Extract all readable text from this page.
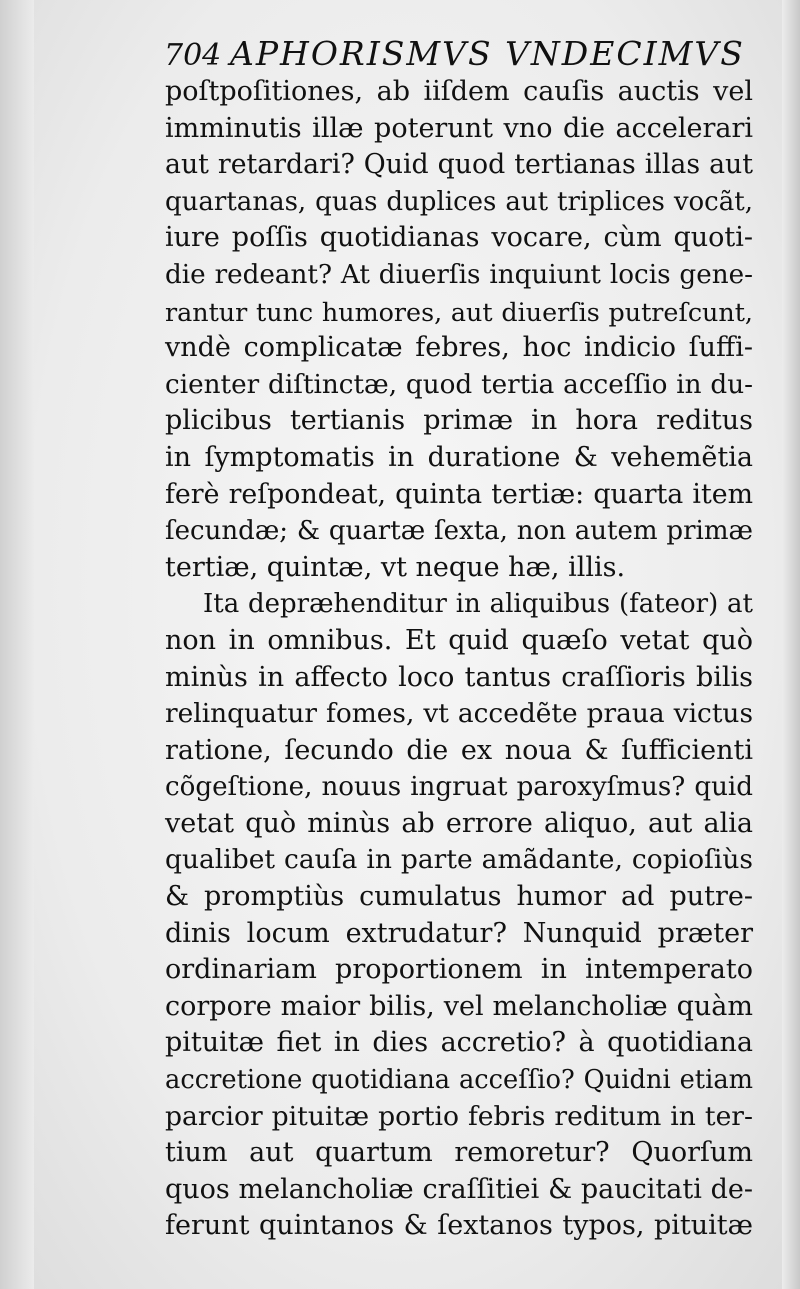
704 APHORISMVS VNDECIMVS
poſtpoſitiones, ab iiſdem cauſis auctis vel
imminutis illæ poterunt vno die accelerari
aut retardari? Quid quod tertianas illas aut
quartanas, quas duplices aut triplices vocãt,
iure poſſis quotidianas vocare, cùm quoti-
die redeant? At diuerſis inquiunt locis gene-
rantur tunc humores, aut diuerſis putreſcunt,
vndè complicatæ febres, hoc indicio ſuffi-
cienter diſtinctæ, quod tertia acceſſio in du-
plicibus tertianis primæ in hora reditus
in ſymptomatis in duratione & vehemẽtia
ferè reſpondeat, quinta tertiæ: quarta item
ſecundæ; & quartæ ſexta, non autem primæ
tertiæ, quintæ, vt neque hæ, illis.
Ita depræhenditur in aliquibus (fateor) at
non in omnibus. Et quid quæſo vetat quò
minùs in affecto loco tantus craſſioris bilis
relinquatur fomes, vt accedẽte praua victus
ratione, ſecundo die ex noua & ſufficienti
cõgeſtione, nouus ingruat paroxyſmus? quid
vetat quò minùs ab errore aliquo, aut alia
qualibet cauſa in parte amãdante, copioſiùs
& promptiùs cumulatus humor ad putre-
dinis locum extrudatur? Nunquid præter
ordinariam proportionem in intemperato
corpore maior bilis, vel melancholiæ quàm
pituitæ fiet in dies accretio? à quotidiana
accretione quotidiana acceſſio? Quidni etiam
parcior pituitæ portio febris reditum in ter-
tium aut quartum remoretur? Quorſum
quos melancholiæ craſſitiei & paucitati de-
ferunt quintanos & ſextanos typos, pituitæ
